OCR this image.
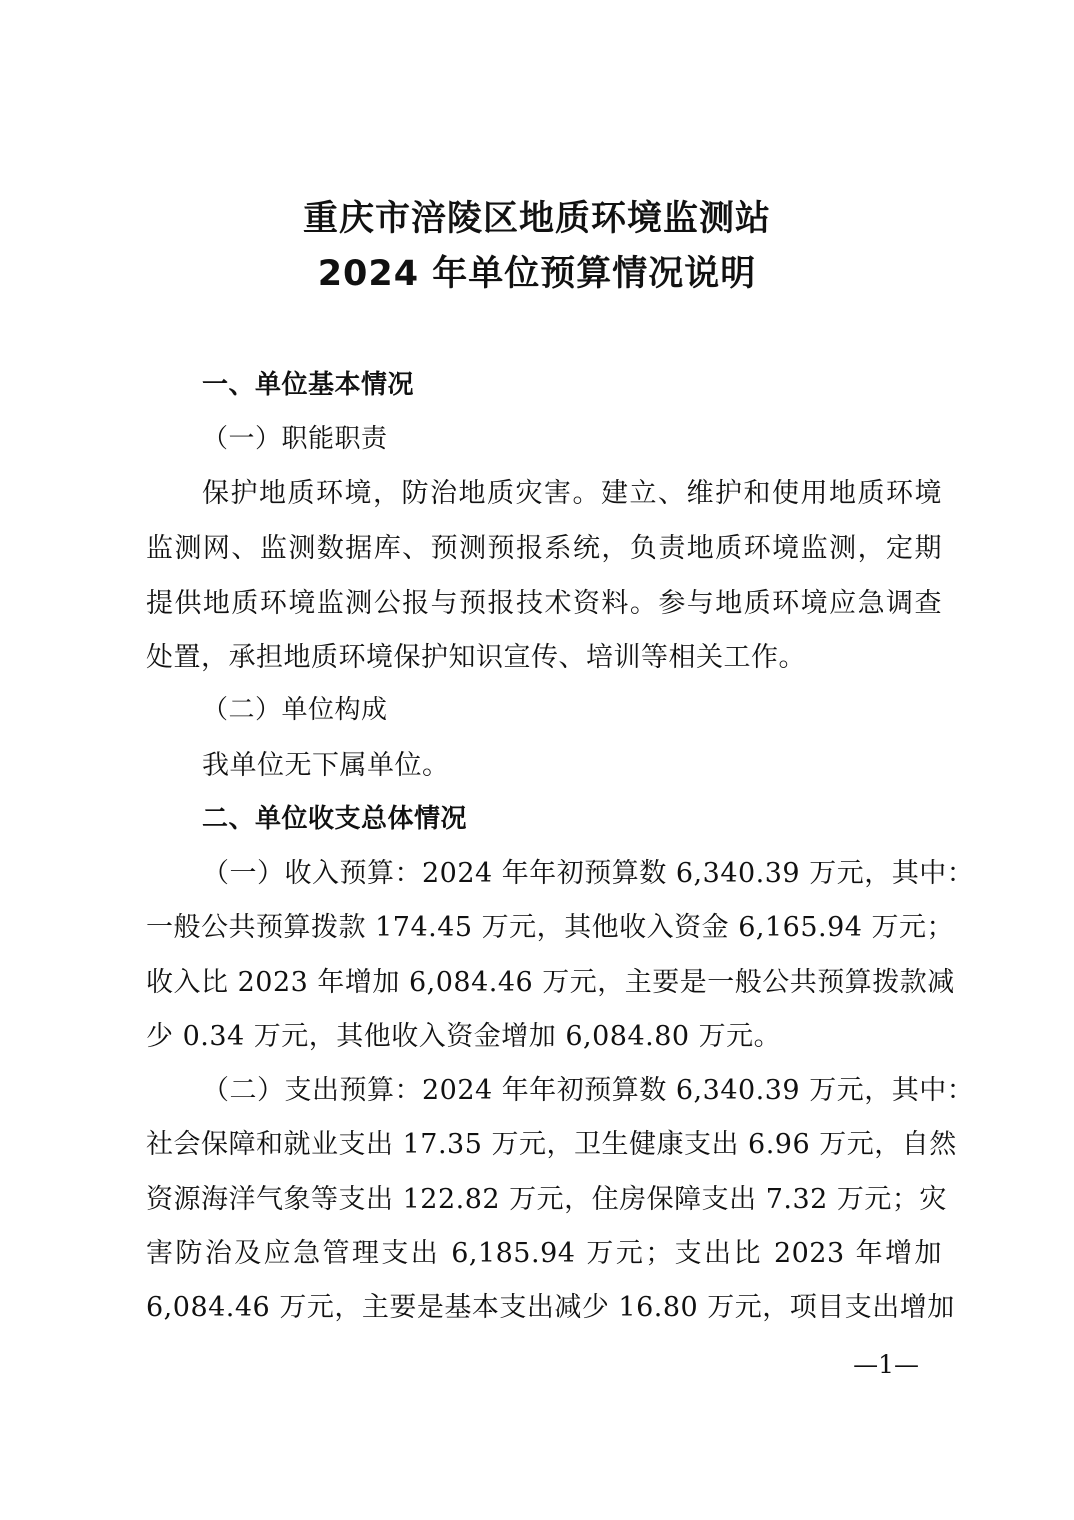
重庆市涪陵区地质环境监测站
2024 年单位预算情况说明
一、单位基本情况
（一）职能职责
保护地质环境，防治地质灾害。建立、维护和使用地质环境
监测网、监测数据库、预测预报系统，负责地质环境监测，定期
提供地质环境监测公报与预报技术资料。参与地质环境应急调查
处置，承担地质环境保护知识宣传、培训等相关工作。
（二）单位构成
我单位无下属单位。
二、单位收支总体情况
（一）收入预算：2024 年年初预算数 6,340.39 万元，其中：
一般公共预算拨款 174.45 万元，其他收入资金 6,165.94 万元；
收入比 2023 年增加 6,084.46 万元，主要是一般公共预算拨款减
少 0.34 万元，其他收入资金增加 6,084.80 万元。
（二）支出预算：2024 年年初预算数 6,340.39 万元，其中：
社会保障和就业支出 17.35 万元，卫生健康支出 6.96 万元，自然
资源海洋气象等支出 122.82 万元，住房保障支出 7.32 万元；灾
害防治及应急管理支出 6,185.94 万元；支出比 2023 年增加
6,084.46 万元，主要是基本支出减少 16.80 万元，项目支出增加
—1—
